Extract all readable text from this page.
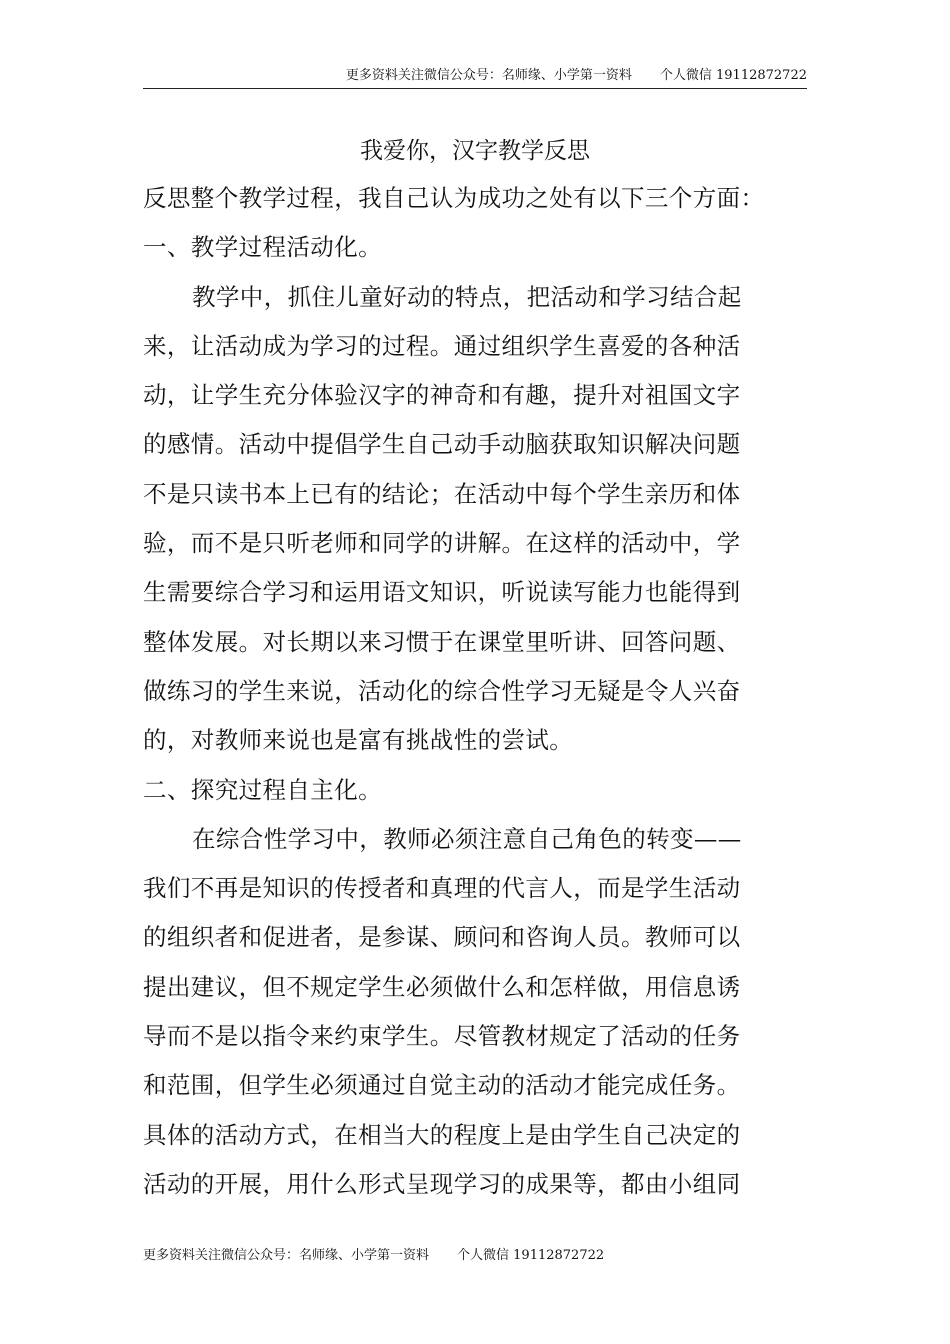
更多资料关注微信公众号：名师缘、小学第一资料 个人微信 19112872722
我爱你，汉字教学反思

反思整个教学过程，我自己认为成功之处有以下三个方面：

一、教学过程活动化。

教学中，抓住儿童好动的特点，把活动和学习结合起

来，让活动成为学习的过程。通过组织学生喜爱的各种活

动，让学生充分体验汉字的神奇和有趣，提升对祖国文字

的感情。活动中提倡学生自己动手动脑获取知识解决问题

不是只读书本上已有的结论；在活动中每个学生亲历和体

验，而不是只听老师和同学的讲解。在这样的活动中，学

生需要综合学习和运用语文知识，听说读写能力也能得到

整体发展。对长期以来习惯于在课堂里听讲、回答问题、

做练习的学生来说，活动化的综合性学习无疑是令人兴奋

的，对教师来说也是富有挑战性的尝试。

二、探究过程自主化。

在综合性学习中，教师必须注意自己角色的转变——

我们不再是知识的传授者和真理的代言人，而是学生活动

的组织者和促进者，是参谋、顾问和咨询人员。教师可以

提出建议，但不规定学生必须做什么和怎样做，用信息诱

导而不是以指令来约束学生。尽管教材规定了活动的任务

和范围，但学生必须通过自觉主动的活动才能完成任务。

具体的活动方式，在相当大的程度上是由学生自己决定的

活动的开展，用什么形式呈现学习的成果等，都由小组同

更多资料关注微信公众号：名师缘、小学第一资料 个人微信 19112872722
